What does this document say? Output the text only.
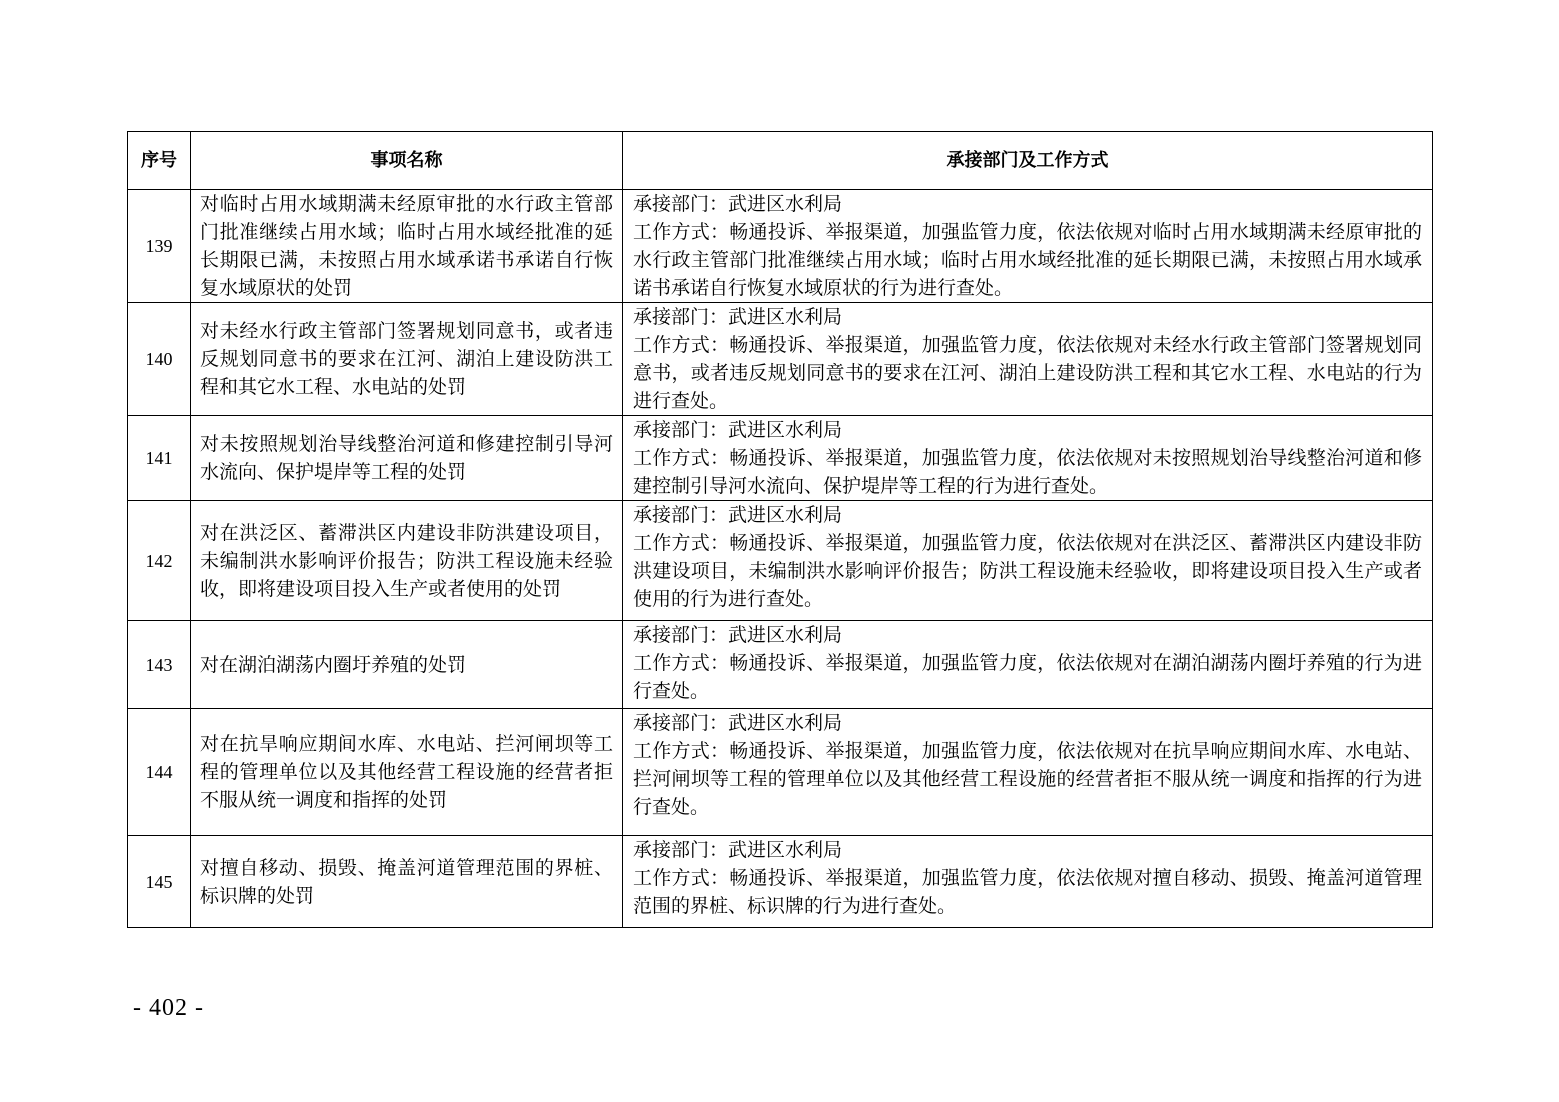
序号	事项名称	承接部门及工作方式
139	对临时占用水域期满未经原审批的水行政主管部门批准继续占用水域；临时占用水域经批准的延长期限已满，未按照占用水域承诺书承诺自行恢复水域原状的处罚	承接部门：武进区水利局
工作方式：畅通投诉、举报渠道，加强监管力度，依法依规对临时占用水域期满未经原审批的水行政主管部门批准继续占用水域；临时占用水域经批准的延长期限已满，未按照占用水域承诺书承诺自行恢复水域原状的行为进行查处。

140	对未经水行政主管部门签署规划同意书，或者违反规划同意书的要求在江河、湖泊上建设防洪工程和其它水工程、水电站的处罚	承接部门：武进区水利局
工作方式：畅通投诉、举报渠道，加强监管力度，依法依规对未经水行政主管部门签署规划同意书，或者违反规划同意书的要求在江河、湖泊上建设防洪工程和其它水工程、水电站的行为进行查处。

141	对未按照规划治导线整治河道和修建控制引导河水流向、保护堤岸等工程的处罚	承接部门：武进区水利局
工作方式：畅通投诉、举报渠道，加强监管力度，依法依规对未按照规划治导线整治河道和修建控制引导河水流向、保护堤岸等工程的行为进行查处。

142	对在洪泛区、蓄滞洪区内建设非防洪建设项目，未编制洪水影响评价报告；防洪工程设施未经验收，即将建设项目投入生产或者使用的处罚	承接部门：武进区水利局
工作方式：畅通投诉、举报渠道，加强监管力度，依法依规对在洪泛区、蓄滞洪区内建设非防洪建设项目，未编制洪水影响评价报告；防洪工程设施未经验收，即将建设项目投入生产或者使用的行为进行查处。

143	对在湖泊湖荡内圈圩养殖的处罚	承接部门：武进区水利局
工作方式：畅通投诉、举报渠道，加强监管力度，依法依规对在湖泊湖荡内圈圩养殖的行为进行查处。

144	对在抗旱响应期间水库、水电站、拦河闸坝等工程的管理单位以及其他经营工程设施的经营者拒不服从统一调度和指挥的处罚	承接部门：武进区水利局
工作方式：畅通投诉、举报渠道，加强监管力度，依法依规对在抗旱响应期间水库、水电站、拦河闸坝等工程的管理单位以及其他经营工程设施的经营者拒不服从统一调度和指挥的行为进行查处。

145	对擅自移动、损毁、掩盖河道管理范围的界桩、标识牌的处罚	承接部门：武进区水利局
工作方式：畅通投诉、举报渠道，加强监管力度，依法依规对擅自移动、损毁、掩盖河道管理范围的界桩、标识牌的行为进行查处。
- 402 -
